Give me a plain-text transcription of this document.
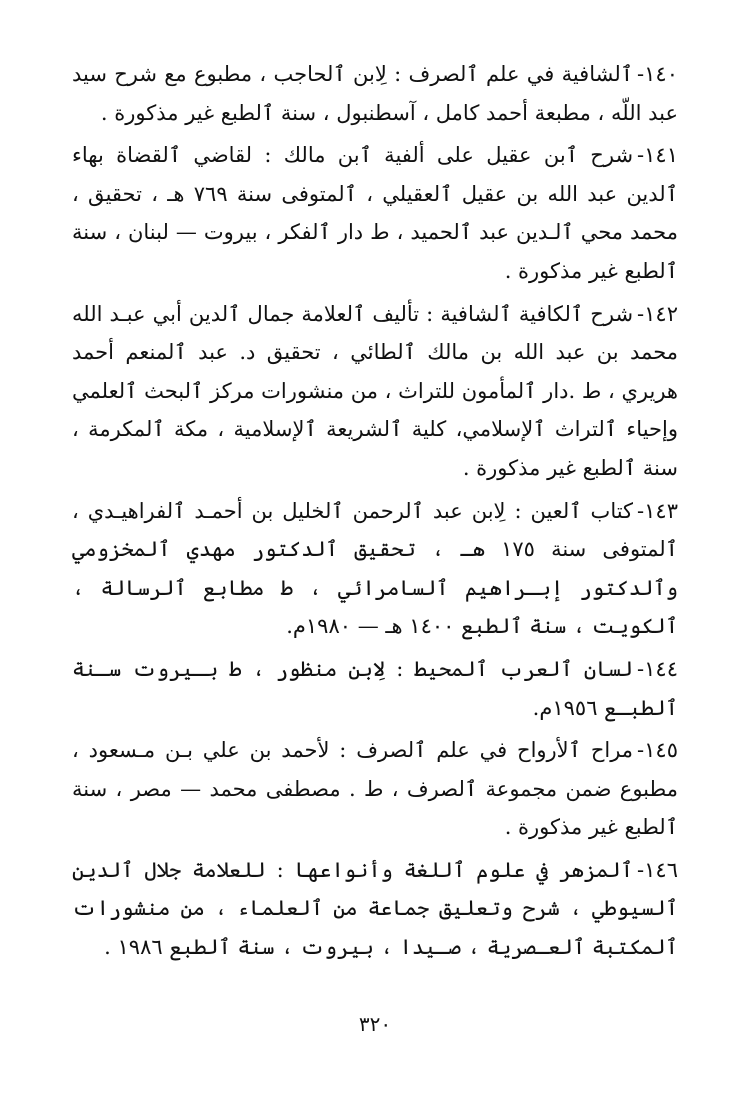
١٤٠-ٱلشافية في علم ٱلصرف : لِابن ٱلحاجب ، مطبوع مع شرح سيد عبد اللّه ، مطبعة أحمد كامل ، آسطنبول ، سنة ٱلطبع غير مذكورة .

١٤١-شرح ٱبن عقيل على ألفية ٱبن مالك : لقاضي ٱلقضاة بهاء ٱلدين عبد الله بن عقيل ٱلعقيلي ، ٱلمتوفى سنة ٧٦٩ هـ ، تحقيق ، محمد محي ٱلـدين عبد ٱلحميد ، ط دار ٱلفكر ، بيروت — لبنان ، سنة ٱلطبع غير مذكورة .

١٤٢-شرح ٱلكافية ٱلشافية : تأليف ٱلعلامة جمال ٱلدين أبي عبـد الله محمد بن عبد الله بن مالك ٱلطائي ، تحقيق د. عبد ٱلمنعم أحمد هريري ، ط .دار ٱلمأمون للتراث ، من منشورات مركز ٱلبحث ٱلعلمي وإحياء ٱلتراث ٱلإسلامي، كلية ٱلشريعة ٱلإسلامية ، مكة ٱلمكرمة ، سنة ٱلطبع غير مذكورة .

١٤٣-كتاب ٱلعين : لِابن عبد ٱلرحمن ٱلخليل بن أحمـد ٱلفراهيـدي ، ٱلمتوفى سنة ١٧٥ هـ ، تحقيق ٱلدكتور مهدي ٱلمخزومي وٱلدكتور إبـراهيم ٱلسامرائي ، ط مطابع ٱلرسالة ، ٱلكويت ، سنة ٱلطبع ١٤٠٠ هـ — ١٩٨٠م.

١٤٤-لسان ٱلعرب ٱلمحيط : لِابن منظور ، ط بـيروت سـنة ٱلطبـع ١٩٥٦م.

١٤٥-مراح ٱلأرواح في علم ٱلصرف : لأحمد بن علي بـن مـسعود ، مطبوع ضمن مجموعة ٱلصرف ، ط . مصطفى محمد — مصر ، سنة ٱلطبع غير مذكورة .

١٤٦-ٱلمزهر في علوم ٱللغة وأنواعها : للعلامة جلال ٱلدين ٱلسيوطي ، شرح وتعليق جماعة من ٱلعلماء ، من منشورات ٱلمكتبة ٱلعـصرية ، صـيدا ، بيروت ، سنة ٱلطبع ١٩٨٦ .

٣٢٠
